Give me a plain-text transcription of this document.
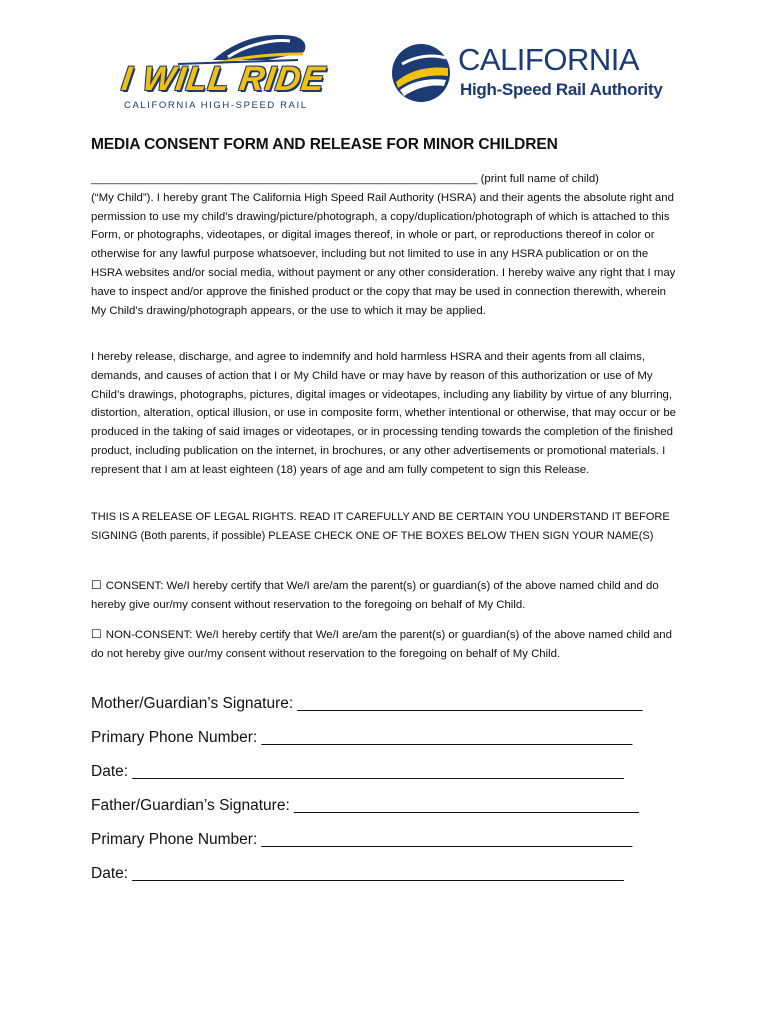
I WILL RIDE
CALIFORNIA HIGH-SPEED RAIL
CALIFORNIA
High-Speed Rail Authority
MEDIA CONSENT FORM AND RELEASE FOR MINOR CHILDREN

_____________________________________________________________ (print full name of child)
(“My Child”). I hereby grant The California High Speed Rail Authority (HSRA) and their agents the absolute right and permission to use my child’s drawing/picture/photograph, a copy/duplication/photograph of which is attached to this Form, or photographs, videotapes, or digital images thereof, in whole or part, or reproductions thereof in color or otherwise for any lawful purpose whatsoever, including but not limited to use in any HSRA publication or on the HSRA websites and/or social media, without payment or any other consideration. I hereby waive any right that I may have to inspect and/or approve the finished product or the copy that may be used in connection therewith, wherein My Child’s drawing/photograph appears, or the use to which it may be applied.

I hereby release, discharge, and agree to indemnify and hold harmless HSRA and their agents from all claims, demands, and causes of action that I or My Child have or may have by reason of this authorization or use of My Child’s drawings, photographs, pictures, digital images or videotapes, including any liability by virtue of any blurring, distortion, alteration, optical illusion, or use in composite form, whether intentional or otherwise, that may occur or be produced in the taking of said images or videotapes, or in processing tending towards the completion of the finished product, including publication on the internet, in brochures, or any other advertisements or promotional materials. I represent that I am at least eighteen (18) years of age and am fully competent to sign this Release.

THIS IS A RELEASE OF LEGAL RIGHTS. READ IT CAREFULLY AND BE CERTAIN YOU UNDERSTAND IT BEFORE SIGNING (Both parents, if possible) PLEASE CHECK ONE OF THE BOXES BELOW THEN SIGN YOUR NAME(S)

☐ CONSENT: We/I hereby certify that We/I are/am the parent(s) or guardian(s) of the above named child and do hereby give our/my consent without reservation to the foregoing on behalf of My Child.

☐ NON-CONSENT: We/I hereby certify that We/I are/am the parent(s) or guardian(s) of the above named child and do not hereby give our/my consent without reservation to the foregoing on behalf of My Child.

Mother/Guardian’s Signature: ________________________________________
Primary Phone Number: ___________________________________________
Date: _________________________________________________________
Father/Guardian’s Signature: ________________________________________
Primary Phone Number: ___________________________________________
Date: _________________________________________________________
